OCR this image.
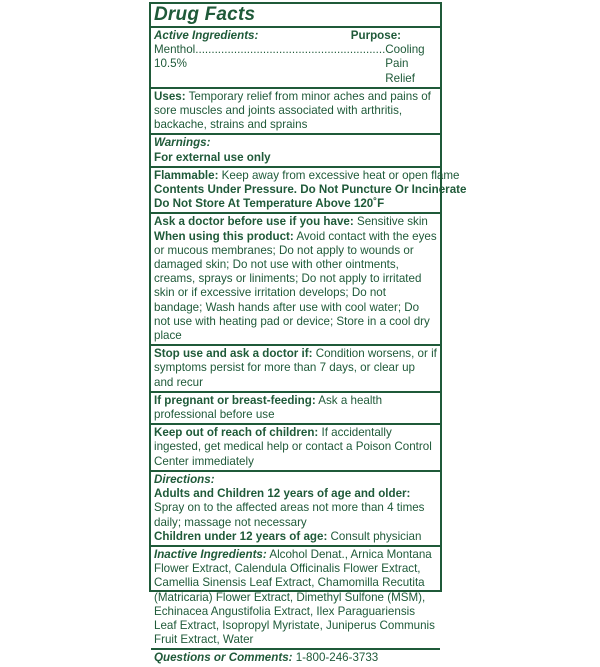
Drug Facts
Active Ingredients:	Purpose:
Menthol 10.5%
........................................................... Cooling Pain Relief
Uses: Temporary relief from minor aches and pains of sore muscles and joints associated with arthritis, backache, strains and sprains
Warnings:
For external use only
Flammable: Keep away from excessive heat or open flame
Contents Under Pressure. Do Not Puncture Or Incinerate
Do Not Store At Temperature Above 120˚F
Ask a doctor before use if you have: Sensitive skin
When using this product: Avoid contact with the eyes or mucous membranes; Do not apply to wounds or damaged skin; Do not use with other ointments, creams, sprays or liniments; Do not apply to irritated skin or if excessive irritation develops; Do not bandage; Wash hands after use with cool water; Do not use with heating pad or device; Store in a cool dry place
Stop use and ask a doctor if: Condition worsens, or if symptoms persist for more than 7 days, or clear up and recur
If pregnant or breast-feeding: Ask a health professional before use
Keep out of reach of children: If accidentally ingested, get medical help or contact a Poison Control Center immediately
Directions:
Adults and Children 12 years of age and older: Spray on to the affected areas not more than 4 times daily; massage not necessary
Children under 12 years of age: Consult physician
Inactive Ingredients: Alcohol Denat., Arnica Montana Flower Extract, Calendula Officinalis Flower Extract, Camellia Sinensis Leaf Extract, Chamomilla Recutita (Matricaria) Flower Extract, Dimethyl Sulfone (MSM), Echinacea Angustifolia Extract, Ilex Paraguariensis Leaf Extract, Isopropyl Myristate, Juniperus Communis Fruit Extract, Water
Questions or Comments: 1-800-246-3733
